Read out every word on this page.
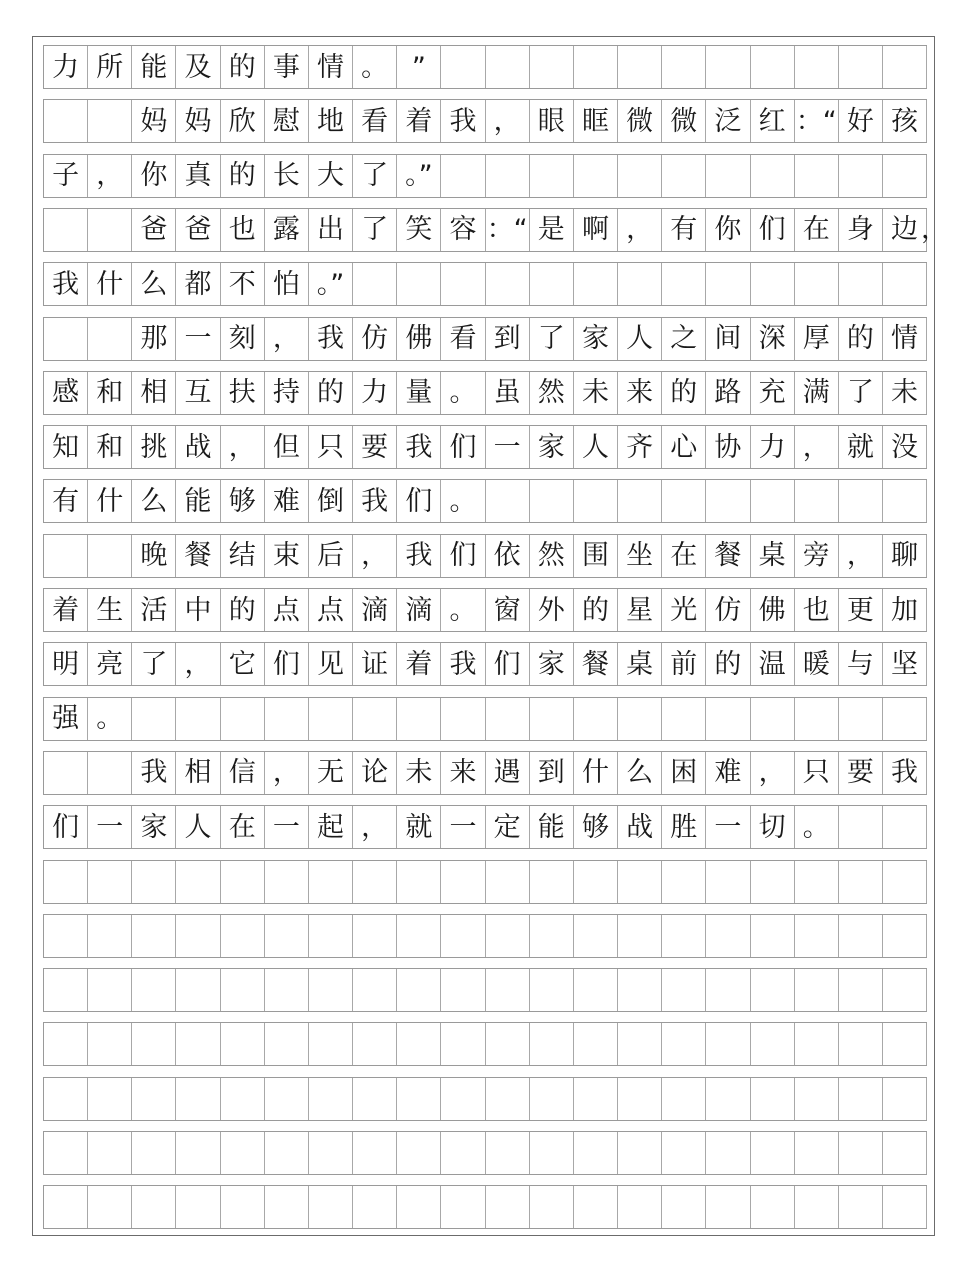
力 所 能 及 的 事 情 。 ”
妈 妈 欣 慰 地 看 着 我 ， 眼 眶 微 微 泛 红 ：“ 好 孩
子 ， 你 真 的 长 大 了 。”
爸 爸 也 露 出 了 笑 容 ：“ 是 啊 ， 有 你 们 在 身 边 ，
我 什 么 都 不 怕 。”
那 一 刻 ， 我 仿 佛 看 到 了 家 人 之 间 深 厚 的 情
感 和 相 互 扶 持 的 力 量 。 虽 然 未 来 的 路 充 满 了 未
知 和 挑 战 ， 但 只 要 我 们 一 家 人 齐 心 协 力 ， 就 没
有 什 么 能 够 难 倒 我 们 。
晚 餐 结 束 后 ， 我 们 依 然 围 坐 在 餐 桌 旁 ， 聊
着 生 活 中 的 点 点 滴 滴 。 窗 外 的 星 光 仿 佛 也 更 加
明 亮 了 ， 它 们 见 证 着 我 们 家 餐 桌 前 的 温 暖 与 坚
强 。
我 相 信 ， 无 论 未 来 遇 到 什 么 困 难 ， 只 要 我
们 一 家 人 在 一 起 ， 就 一 定 能 够 战 胜 一 切 。
